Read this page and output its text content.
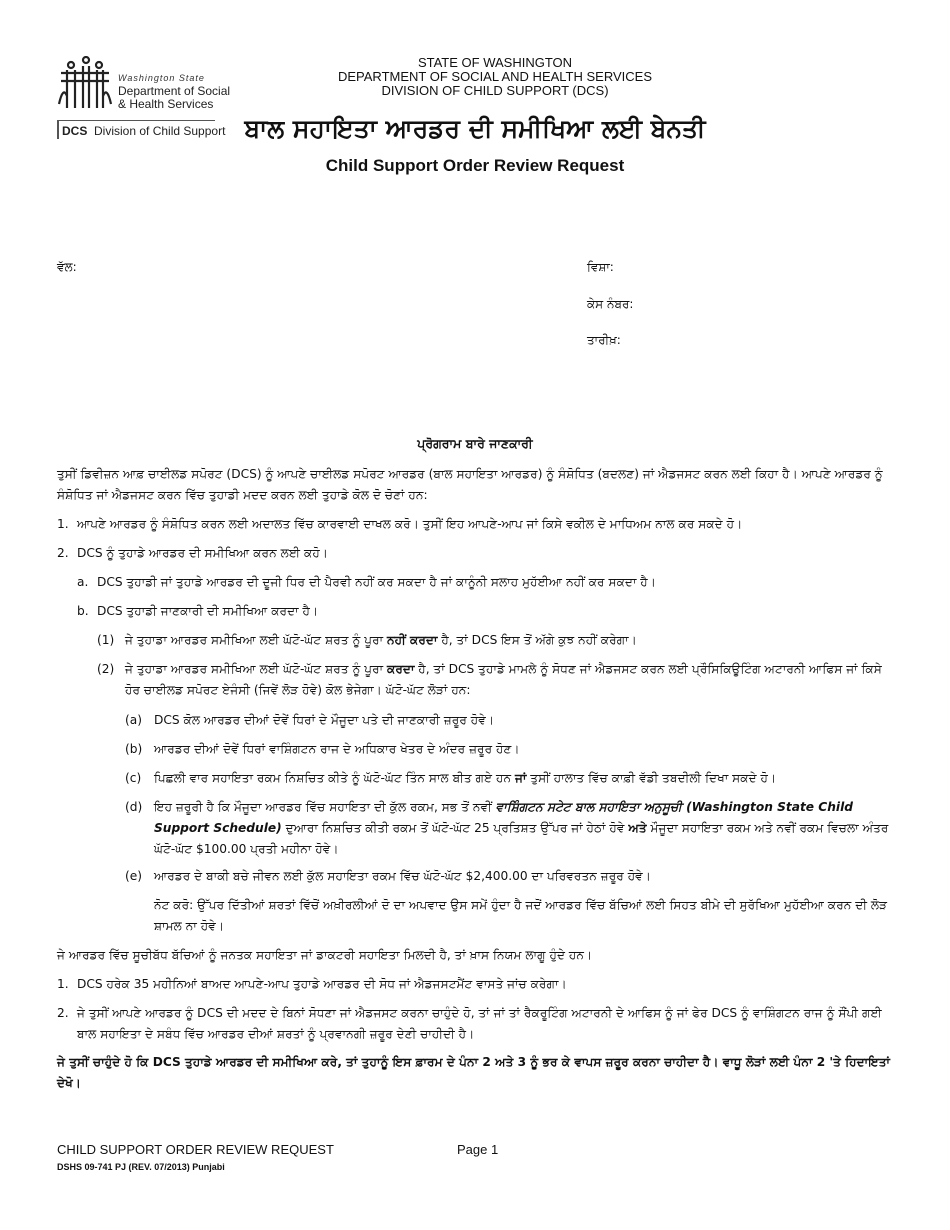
Washington State
Department of Social
& Health Services
DCS Division of Child Support
STATE OF WASHINGTON
DEPARTMENT OF SOCIAL AND HEALTH SERVICES
DIVISION OF CHILD SUPPORT (DCS)
ਬਾਲ ਸਹਾਇਤਾ ਆਰਡਰ ਦੀ ਸਮੀਖਿਆ ਲਈ ਬੇਨਤੀ
Child Support Order Review Request
ਵੱਲ:	ਵਿਸ਼ਾ:
ਕੇਸ ਨੰਬਰ:
ਤਾਰੀਖ਼:
ਪ੍ਰੋਗਰਾਮ ਬਾਰੇ ਜਾਣਕਾਰੀ
ਤੁਸੀਂ ਡਿਵੀਜ਼ਨ ਆਫ਼ ਚਾਈਲਡ ਸਪੋਰਟ (DCS) ਨੂੰ ਆਪਣੇ ਚਾਈਲਡ ਸਪੋਰਟ ਆਰਡਰ (ਬਾਲ ਸਹਾਇਤਾ ਆਰਡਰ) ਨੂੰ ਸੰਸ਼ੋਧਿਤ (ਬਦਲਣ) ਜਾਂ ਐਡਜਸਟ ਕਰਨ ਲਈ ਕਿਹਾ ਹੈ। ਆਪਣੇ ਆਰਡਰ ਨੂੰ ਸੰਸ਼ੋਧਿਤ ਜਾਂ ਐਡਜਸਟ ਕਰਨ ਵਿੱਚ ਤੁਹਾਡੀ ਮਦਦ ਕਰਨ ਲਈ ਤੁਹਾਡੇ ਕੋਲ ਦੋ ਚੋਣਾਂ ਹਨ:
1. ਆਪਣੇ ਆਰਡਰ ਨੂੰ ਸੰਸ਼ੋਧਿਤ ਕਰਨ ਲਈ ਅਦਾਲਤ ਵਿੱਚ ਕਾਰਵਾਈ ਦਾਖਲ ਕਰੋ। ਤੁਸੀਂ ਇਹ ਆਪਣੇ-ਆਪ ਜਾਂ ਕਿਸੇ ਵਕੀਲ ਦੇ ਮਾਧਿਅਮ ਨਾਲ ਕਰ ਸਕਦੇ ਹੋ।
2. DCS ਨੂੰ ਤੁਹਾਡੇ ਆਰਡਰ ਦੀ ਸਮੀਖਿਆ ਕਰਨ ਲਈ ਕਹੋ।
a. DCS ਤੁਹਾਡੀ ਜਾਂ ਤੁਹਾਡੇ ਆਰਡਰ ਦੀ ਦੂਜੀ ਧਿਰ ਦੀ ਪੈਰਵੀ ਨਹੀਂ ਕਰ ਸਕਦਾ ਹੈ ਜਾਂ ਕਾਨੂੰਨੀ ਸਲਾਹ ਮੁਹੱਈਆ ਨਹੀਂ ਕਰ ਸਕਦਾ ਹੈ।
b. DCS ਤੁਹਾਡੀ ਜਾਣਕਾਰੀ ਦੀ ਸਮੀਖਿਆ ਕਰਦਾ ਹੈ।
(1) ਜੇ ਤੁਹਾਡਾ ਆਰਡਰ ਸਮੀਖਿਆ ਲਈ ਘੱਟੋ-ਘੱਟ ਸ਼ਰਤ ਨੂੰ ਪੂਰਾ ਨਹੀਂ ਕਰਦਾ ਹੈ, ਤਾਂ DCS ਇਸ ਤੋਂ ਅੱਗੇ ਕੁਝ ਨਹੀਂ ਕਰੇਗਾ।
(2) ਜੇ ਤੁਹਾਡਾ ਆਰਡਰ ਸਮੀਖਿਆ ਲਈ ਘੱਟੋ-ਘੱਟ ਸ਼ਰਤ ਨੂੰ ਪੂਰਾ ਕਰਦਾ ਹੈ, ਤਾਂ DCS ਤੁਹਾਡੇ ਮਾਮਲੇ ਨੂੰ ਸੋਧਣ ਜਾਂ ਐਡਜਸਟ ਕਰਨ ਲਈ ਪ੍ਰੌਸਿਕਿਊਟਿੰਗ ਅਟਾਰਨੀ ਆਫਿਸ ਜਾਂ ਕਿਸੇ ਹੋਰ ਚਾਈਲਡ ਸਪੋਰਟ ਏਜੰਸੀ (ਜਿਵੇਂ ਲੋੜ ਹੋਵੇ) ਕੋਲ ਭੇਜੇਗਾ। ਘੱਟੋ-ਘੱਟ ਲੋੜਾਂ ਹਨ:
(a) DCS ਕੋਲ ਆਰਡਰ ਦੀਆਂ ਦੋਵੇਂ ਧਿਰਾਂ ਦੇ ਮੌਜੂਦਾ ਪਤੇ ਦੀ ਜਾਣਕਾਰੀ ਜ਼ਰੂਰ ਹੋਵੇ।
(b) ਆਰਡਰ ਦੀਆਂ ਦੋਵੇਂ ਧਿਰਾਂ ਵਾਸ਼ਿੰਗਟਨ ਰਾਜ ਦੇ ਅਧਿਕਾਰ ਖੇਤਰ ਦੇ ਅੰਦਰ ਜ਼ਰੂਰ ਹੋਣ।
(c)	ਪਿਛਲੀ ਵਾਰ ਸਹਾਇਤਾ ਰਕਮ ਨਿਸ਼ਚਿਤ ਕੀਤੇ ਨੂੰ ਘੱਟੋ-ਘੱਟ ਤਿੰਨ ਸਾਲ ਬੀਤ ਗਏ ਹਨ ਜਾਂ ਤੁਸੀਂ ਹਾਲਾਤ ਵਿੱਚ ਕਾਫ਼ੀ ਵੱਡੀ ਤਬਦੀਲੀ ਦਿਖਾ ਸਕਦੇ ਹੋ।
(d) ਇਹ ਜ਼ਰੂਰੀ ਹੈ ਕਿ ਮੌਜੂਦਾ ਆਰਡਰ ਵਿੱਚ ਸਹਾਇਤਾ ਦੀ ਕੁੱਲ ਰਕਮ, ਸਭ ਤੋਂ ਨਵੀਂ ਵਾਸ਼ਿੰਗਟਨ ਸਟੇਟ ਬਾਲ ਸਹਾਇਤਾ ਅਨੁਸੂਚੀ (Washington State Child Support Schedule) ਦੁਆਰਾ ਨਿਸ਼ਚਿਤ ਕੀਤੀ ਰਕਮ ਤੋਂ ਘੱਟੋ-ਘੱਟ 25 ਪ੍ਰਤਿਸ਼ਤ ਉੱਪਰ ਜਾਂ ਹੇਠਾਂ ਹੋਵੇ ਅਤੇ ਮੌਜੂਦਾ ਸਹਾਇਤਾ ਰਕਮ ਅਤੇ ਨਵੀਂ ਰਕਮ ਵਿਚਲਾ ਅੰਤਰ ਘੱਟੋ-ਘੱਟ $100.00 ਪ੍ਰਤੀ ਮਹੀਨਾ ਹੋਵੇ।
(e) ਆਰਡਰ ਦੇ ਬਾਕੀ ਬਚੇ ਜੀਵਨ ਲਈ ਕੁੱਲ ਸਹਾਇਤਾ ਰਕਮ ਵਿੱਚ ਘੱਟੋ-ਘੱਟ $2,400.00 ਦਾ ਪਰਿਵਰਤਨ ਜ਼ਰੂਰ ਹੋਵੇ।
ਨੋਟ ਕਰੋ: ਉੱਪਰ ਦਿੱਤੀਆਂ ਸ਼ਰਤਾਂ ਵਿੱਚੋਂ ਅਖ਼ੀਰਲੀਆਂ ਦੋ ਦਾ ਅਪਵਾਦ ਉਸ ਸਮੇਂ ਹੁੰਦਾ ਹੈ ਜਦੋਂ ਆਰਡਰ ਵਿੱਚ ਬੱਚਿਆਂ ਲਈ ਸਿਹਤ ਬੀਮੇ ਦੀ ਸੁਰੱਖਿਆ ਮੁਹੱਈਆ ਕਰਨ ਦੀ ਲੋੜ ਸ਼ਾਮਲ ਨਾ ਹੋਵੇ।
ਜੇ ਆਰਡਰ ਵਿੱਚ ਸੂਚੀਬੱਧ ਬੱਚਿਆਂ ਨੂੰ ਜਨਤਕ ਸਹਾਇਤਾ ਜਾਂ ਡਾਕਟਰੀ ਸਹਾਇਤਾ ਮਿਲਦੀ ਹੈ, ਤਾਂ ਖ਼ਾਸ ਨਿਯਮ ਲਾਗੂ ਹੁੰਦੇ ਹਨ।
1. DCS ਹਰੇਕ 35 ਮਹੀਨਿਆਂ ਬਾਅਦ ਆਪਣੇ-ਆਪ ਤੁਹਾਡੇ ਆਰਡਰ ਦੀ ਸੋਧ ਜਾਂ ਐਡਜਸਟਮੈਂਟ ਵਾਸਤੇ ਜਾਂਚ ਕਰੇਗਾ।
2. ਜੇ ਤੁਸੀਂ ਆਪਣੇ ਆਰਡਰ ਨੂੰ DCS ਦੀ ਮਦਦ ਦੇ ਬਿਨਾਂ ਸੋਧਣਾ ਜਾਂ ਐਡਜਸਟ ਕਰਨਾ ਚਾਹੁੰਦੇ ਹੋ, ਤਾਂ ਜਾਂ ਤਾਂ ਰੈਕਰੂਟਿੰਗ ਅਟਾਰਨੀ ਦੇ ਆਫਿਸ ਨੂੰ ਜਾਂ ਫੇਰ DCS ਨੂੰ ਵਾਸ਼ਿੰਗਟਨ ਰਾਜ ਨੂੰ ਸੌਂਪੀ ਗਈ ਬਾਲ ਸਹਾਇਤਾ ਦੇ ਸਬੰਧ ਵਿੱਚ ਆਰਡਰ ਦੀਆਂ ਸ਼ਰਤਾਂ ਨੂੰ ਪ੍ਰਵਾਨਗੀ ਜ਼ਰੂਰ ਦੇਣੀ ਚਾਹੀਦੀ ਹੈ।
ਜੇ ਤੁਸੀਂ ਚਾਹੁੰਦੇ ਹੋ ਕਿ DCS ਤੁਹਾਡੇ ਆਰਡਰ ਦੀ ਸਮੀਖਿਆ ਕਰੇ, ਤਾਂ ਤੁਹਾਨੂੰ ਇਸ ਫ਼ਾਰਮ ਦੇ ਪੰਨਾ 2 ਅਤੇ 3 ਨੂੰ ਭਰ ਕੇ ਵਾਪਸ ਜ਼ਰੂਰ ਕਰਨਾ ਚਾਹੀਦਾ ਹੈ। ਵਾਧੂ ਲੋੜਾਂ ਲਈ ਪੰਨਾ 2 'ਤੇ ਹਿਦਾਇਤਾਂ ਦੇਖੋ।
CHILD SUPPORT ORDER REVIEW REQUEST	Page 1
DSHS 09-741 PJ (REV. 07/2013) Punjabi
